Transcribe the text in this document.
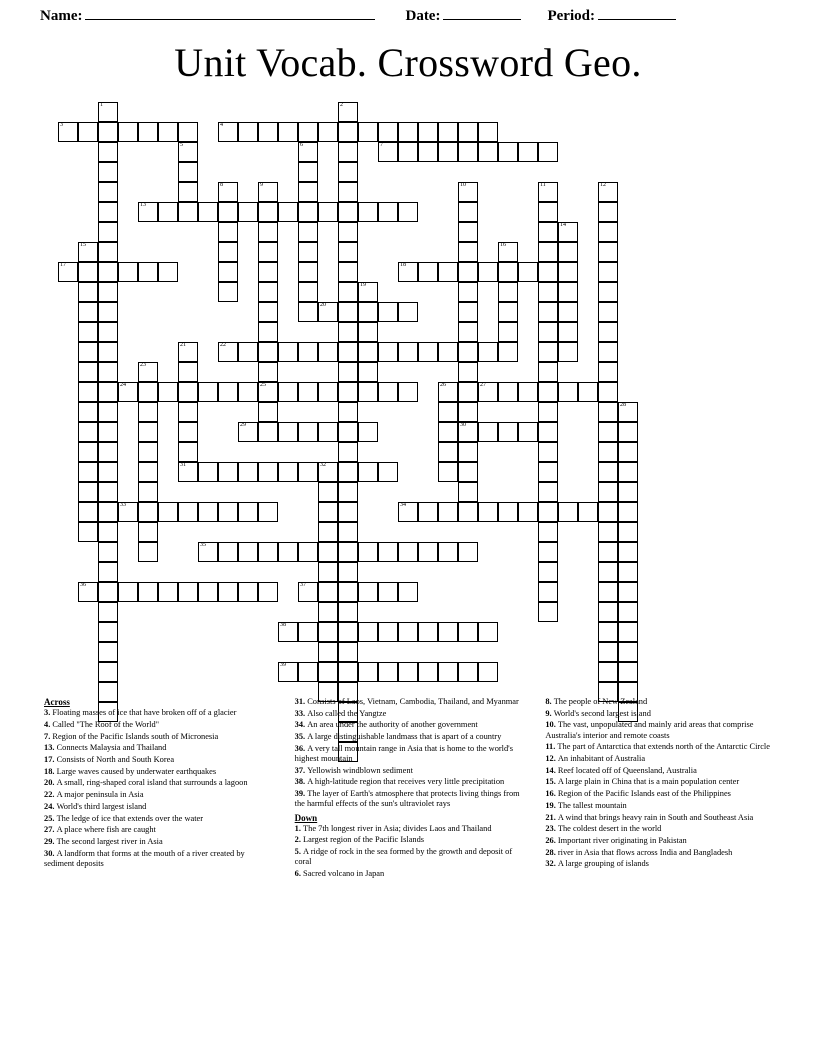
Name:	Date:	Period:
Unit Vocab. Crossword Geo.
1	2
3	4
5	6	7
8	9
25
10
30
11	12
13
14
15	16
17	18
19
20
21
31
22
23
24	26	27
28
29
32
33	34
35
36	37
38
39
Across

3. Floating masses of ice that have broken off of a glacier

4. Called "The Roof of the World"

7. Region of the Pacific Islands south of Micronesia

13. Connects Malaysia and Thailand

17. Consists of North and South Korea

18. Large waves caused by underwater earthquakes

20. A small, ring-shaped coral island that surrounds a lagoon

22. A major peninsula in Asia

24. World's third largest island

25. The ledge of ice that extends over the water

27. A place where fish are caught

29. The second largest river in Asia

30. A landform that forms at the mouth of a river created by sediment deposits

31. Consists of Laos, Vietnam, Cambodia, Thailand, and Myanmar

33. Also called the Yangtze

34. An area under the authority of another government

35. A large distinguishable landmass that is apart of a country

36. A very tall mountain range in Asia that is home to the world's highest mountain

37. Yellowish windblown sediment

38. A high-latitude region that receives very little precipitation

39. The layer of Earth's atmosphere that protects living things from the harmful effects of the sun's ultraviolet rays

Down

1. The 7th longest river in Asia; divides Laos and Thailand

2. Largest region of the Pacific Islands

5. A ridge of rock in the sea formed by the growth and deposit of coral

6. Sacred volcano in Japan

8. The people of New Zealand

9. World's second largest island

10. The vast, unpopulated and mainly arid areas that comprise Australia's interior and remote coasts

11. The part of Antarctica that extends north of the Antarctic Circle

12. An inhabitant of Australia

14. Reef located off of Queensland, Australia

15. A large plain in China that is a main population center

16. Region of the Pacific Islands east of the Philippines

19. The tallest mountain

21. A wind that brings heavy rain in South and Southeast Asia

23. The coldest desert in the world

26. Important river originating in Pakistan

28. river in Asia that flows across India and Bangladesh

32. A large grouping of islands
